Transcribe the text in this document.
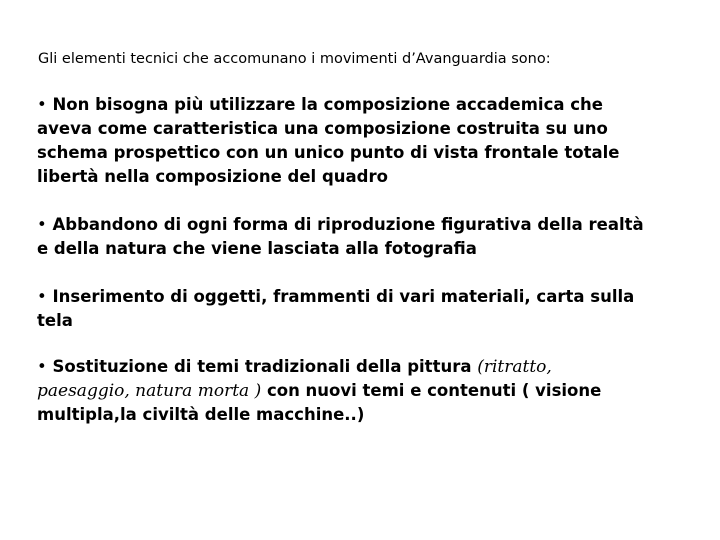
Gli elementi tecnici che accomunano i movimenti d’Avanguardia sono:
• Non bisogna più utilizzare la composizione accademica che
aveva come caratteristica una composizione costruita su uno
schema prospettico con un unico punto di vista frontale totale
libertà nella composizione del quadro
• Abbandono di ogni forma di riproduzione figurativa della realtà
e della natura che viene lasciata alla fotografia
• Inserimento di oggetti, frammenti di vari materiali, carta sulla
tela
• Sostituzione di temi tradizionali della pittura (ritratto,
paesaggio, natura morta ) con nuovi temi e contenuti ( visione
multipla,la civiltà delle macchine..)
